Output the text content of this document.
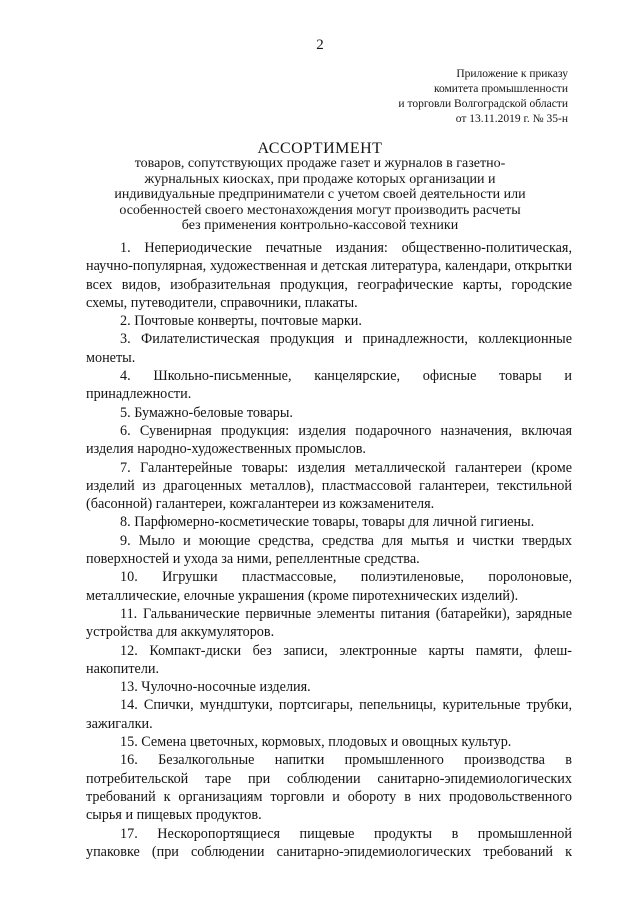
2
Приложение к приказу
комитета промышленности
и торговли Волгоградской области
от 13.11.2019 г. № 35-н
АССОРТИМЕНТ
товаров, сопутствующих продаже газет и журналов в газетно-журнальных киосках, при продаже которых организации и индивидуальные предприниматели с учетом своей деятельности или особенностей своего местонахождения могут производить расчеты без применения контрольно-кассовой техники
1. Непериодические печатные издания: общественно-политическая, научно-популярная, художественная и детская литература, календари, открытки всех видов, изобразительная продукция, географические карты, городские схемы, путеводители, справочники, плакаты.
2. Почтовые конверты, почтовые марки.
3. Филателистическая продукция и принадлежности, коллекционные монеты.
4. Школьно-письменные, канцелярские, офисные товары и
принадлежности.
5. Бумажно-беловые товары.
6. Сувенирная продукция: изделия подарочного назначения, включая изделия народно-художественных промыслов.
7. Галантерейные товары: изделия металлической галантереи (кроме изделий из драгоценных металлов), пластмассовой галантереи, текстильной (басонной) галантереи, кожгалантереи из кожзаменителя.
8. Парфюмерно-косметические товары, товары для личной гигиены.
9. Мыло и моющие средства, средства для мытья и чистки твердых поверхностей и ухода за ними, репеллентные средства.
10. Игрушки пластмассовые, полиэтиленовые, поролоновые, металлические, елочные украшения (кроме пиротехнических изделий).
11. Гальванические первичные элементы питания (батарейки), зарядные устройства для аккумуляторов.
12. Компакт-диски без записи, электронные карты памяти, флеш-накопители.
13. Чулочно-носочные изделия.
14. Спички, мундштуки, портсигары, пепельницы, курительные трубки, зажигалки.
15. Семена цветочных, кормовых, плодовых и овощных культур.
16. Безалкогольные напитки промышленного производства в потребительской таре при соблюдении санитарно-эпидемиологических требований к организациям торговли и обороту в них продовольственного сырья и пищевых продуктов.
17. Нескоропортящиеся пищевые продукты в промышленной
упаковке (при соблюдении санитарно-эпидемиологических требований к
